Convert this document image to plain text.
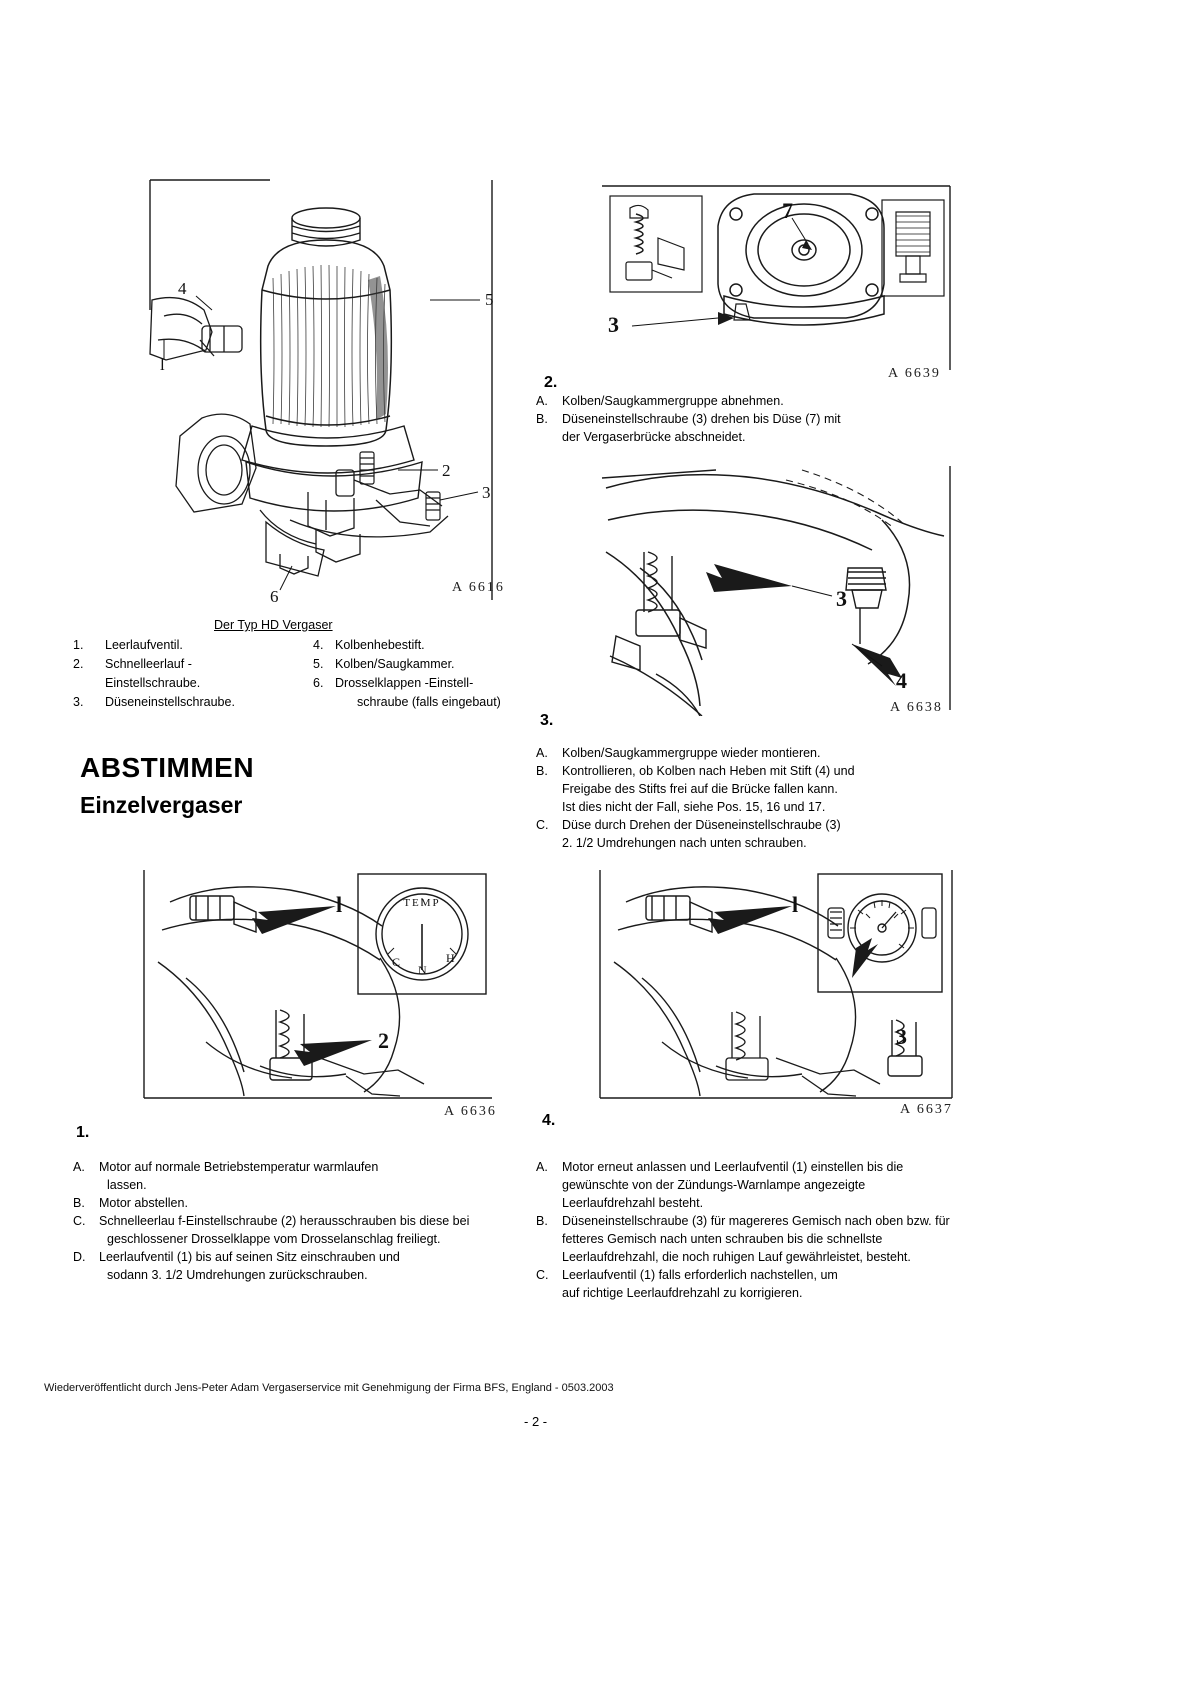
4
5
l
2
3
6	A 6616
Der Typ HD Vergaser
1.	Leerlaufventil.
2.	Schnelleerlauf -
Einstellschraube.
3.	Düseneinstellschraube.
4. Kolbenhebestift.
5. Kolben/Saugkammer.
6. Drosselklappen -Einstell-
schraube (falls eingebaut)
ABSTIMMEN
Einzelvergaser
7
3
A 6639
2.
A.	Kolben/Saugkammergruppe abnehmen.
B.	Düseneinstellschraube (3) drehen bis Düse (7) mit
der Vergaserbrücke abschneidet.
3
4
A 6638
3.
A.	Kolben/Saugkammergruppe wieder montieren.
B.	Kontrollieren, ob Kolben nach Heben mit Stift (4) und
Freigabe des Stifts frei auf die Brücke fallen kann.
Ist dies nicht der Fall, siehe Pos. 15, 16 und 17.
C.	Düse durch Drehen der Düseneinstellschraube (3)
2. 1/2 Umdrehungen nach unten schrauben.
l
2
TEMP
C
N
H
A 6636
1.
A.	Motor auf normale Betriebstemperatur warmlaufen
lassen.
B.	Motor abstellen.
C.	Schnelleerlau f-Einstellschraube (2) herausschrauben bis diese bei
geschlossener Drosselklappe vom Drosselanschlag freiliegt.
D.	Leerlaufventil (1) bis auf seinen Sitz einschrauben und
sodann 3. 1/2 Umdrehungen zurückschrauben.
l
3
A 6637
4.
A.	Motor erneut anlassen und Leerlaufventil (1) einstellen bis die
gewünschte von der Zündungs-Warnlampe angezeigte
Leerlaufdrehzahl besteht.
B.	Düseneinstellschraube (3) für magereres Gemisch nach oben bzw. für
fetteres Gemisch nach unten schrauben bis die schnellste
Leerlaufdrehzahl, die noch ruhigen Lauf gewährleistet, besteht.
C.	Leerlaufventil (1) falls erforderlich nachstellen, um
auf richtige Leerlaufdrehzahl zu korrigieren.
Wiederveröffentlicht durch Jens-Peter Adam Vergaserservice mit Genehmigung der Firma BFS, England - 0503.2003
- 2 -
